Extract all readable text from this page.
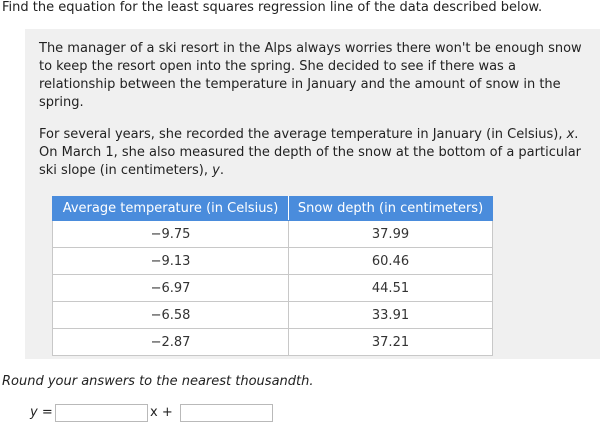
Find the equation for the least squares regression line of the data described below.
The manager of a ski resort in the Alps always worries there won't be enough snow to keep the resort open into the spring. She decided to see if there was a relationship between the temperature in January and the amount of snow in the spring.
For several years, she recorded the average temperature in January (in Celsius), x. On March 1, she also measured the depth of the snow at the bottom of a particular ski slope (in centimeters), y.
Average temperature (in Celsius)	Snow depth (in centimeters)
−9.75	37.99
−9.13	60.46
−6.97	44.51
−6.58	33.91
−2.87	37.21
Round your answers to the nearest thousandth.
y =	x +
